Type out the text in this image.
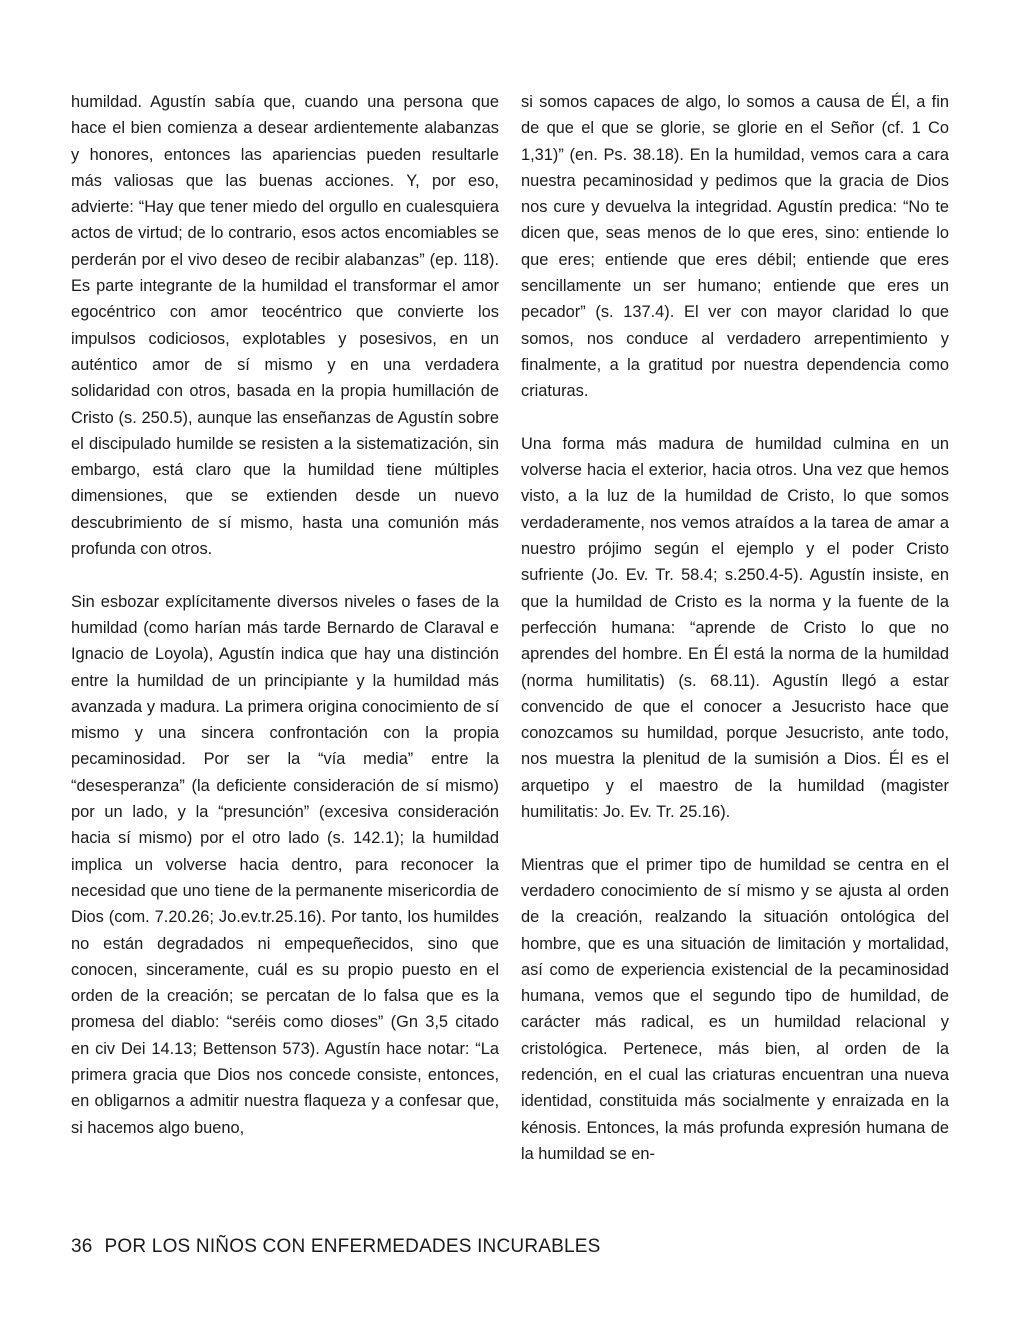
humildad. Agustín sabía que, cuando una persona que hace el bien comienza a desear ardientemente alabanzas y honores, entonces las apariencias pueden resultarle más valiosas que las buenas acciones. Y, por eso, advierte: “Hay que tener miedo del orgullo en cualesquiera actos de virtud; de lo contrario, esos actos encomiables se perderán por el vivo deseo de recibir alabanzas” (ep. 118). Es parte integrante de la humildad el transformar el amor egocéntrico con amor teocéntrico que convierte los impulsos codiciosos, explotables y posesivos, en un auténtico amor de sí mismo y en una verdadera solidaridad con otros, basada en la propia humillación de Cristo (s. 250.5), aunque las enseñanzas de Agustín sobre el discipulado humilde se resisten a la sistematización, sin embargo, está claro que la humildad tiene múltiples dimensiones, que se extienden desde un nuevo descubrimiento de sí mismo, hasta una comunión más profunda con otros.

Sin esbozar explícitamente diversos niveles o fases de la humildad (como harían más tarde Bernardo de Claraval e Ignacio de Loyola), Agustín indica que hay una distinción entre la humildad de un principiante y la humildad más avanzada y madura. La primera origina conocimiento de sí mismo y una sincera confrontación con la propia pecaminosidad. Por ser la “vía media” entre la “desesperanza” (la deficiente consideración de sí mismo) por un lado, y la “presunción” (excesiva consideración hacia sí mismo) por el otro lado (s. 142.1); la humildad implica un volverse hacia dentro, para reconocer la necesidad que uno tiene de la permanente misericordia de Dios (com. 7.20.26; Jo.ev.tr.25.16). Por tanto, los humildes no están degradados ni empequeñecidos, sino que conocen, sinceramente, cuál es su propio puesto en el orden de la creación; se percatan de lo falsa que es la promesa del diablo: “seréis como dioses” (Gn 3,5 citado en civ Dei 14.13; Bettenson 573). Agustín hace notar: “La primera gracia que Dios nos concede consiste, entonces, en obligarnos a admitir nuestra flaqueza y a confesar que, si hacemos algo bueno,

si somos capaces de algo, lo somos a causa de Él, a fin de que el que se glorie, se glorie en el Señor (cf. 1 Co 1,31)” (en. Ps. 38.18). En la humildad, vemos cara a cara nuestra pecaminosidad y pedimos que la gracia de Dios nos cure y devuelva la integridad. Agustín predica: “No te dicen que, seas menos de lo que eres, sino: entiende lo que eres; entiende que eres débil; entiende que eres sencillamente un ser humano; entiende que eres un pecador” (s. 137.4). El ver con mayor claridad lo que somos, nos conduce al verdadero arrepentimiento y finalmente, a la gratitud por nuestra dependencia como criaturas.

Una forma más madura de humildad culmina en un volverse hacia el exterior, hacia otros. Una vez que hemos visto, a la luz de la humildad de Cristo, lo que somos verdaderamente, nos vemos atraídos a la tarea de amar a nuestro prójimo según el ejemplo y el poder Cristo sufriente (Jo. Ev. Tr. 58.4; s.250.4-5). Agustín insiste, en que la humildad de Cristo es la norma y la fuente de la perfección humana: “aprende de Cristo lo que no aprendes del hombre. En Él está la norma de la humildad (norma humilitatis) (s. 68.11). Agustín llegó a estar convencido de que el conocer a Jesucristo hace que conozcamos su humildad, porque Jesucristo, ante todo, nos muestra la plenitud de la sumisión a Dios. Él es el arquetipo y el maestro de la humildad (magister humilitatis: Jo. Ev. Tr. 25.16).

Mientras que el primer tipo de humildad se centra en el verdadero conocimiento de sí mismo y se ajusta al orden de la creación, realzando la situación ontológica del hombre, que es una situación de limitación y mortalidad, así como de experiencia existencial de la pecaminosidad humana, vemos que el segundo tipo de humildad, de carácter más radical, es un humildad relacional y cristológica. Pertenece, más bien, al orden de la redención, en el cual las criaturas encuentran una nueva identidad, constituida más socialmente y enraizada en la kénosis. Entonces, la más profunda expresión humana de la humildad se en-

36 POR LOS NIÑOS CON ENFERMEDADES INCURABLES
